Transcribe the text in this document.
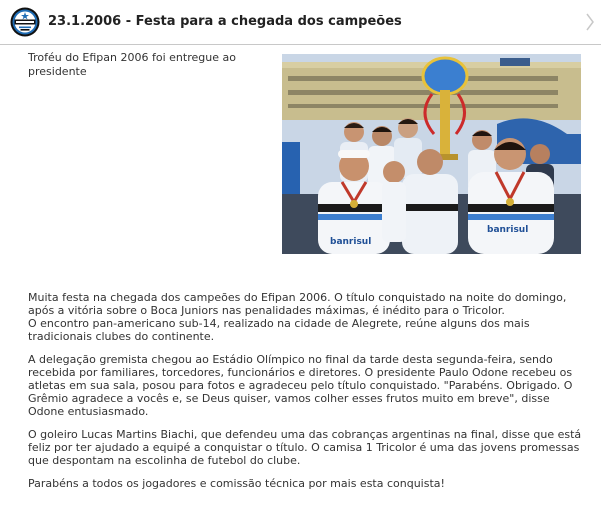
23.1.2006 - Festa para a chegada dos campeões
Troféu do Efipan 2006 foi entregue ao presidente
banrisul
banrisul

Muita festa na chegada dos campeões do Efipan 2006. O título conquistado na noite do domingo, após a vitória sobre o Boca Juniors nas penalidades máximas, é inédito para o Tricolor.
O encontro pan-americano sub-14, realizado na cidade de Alegrete, reúne alguns dos mais tradicionais clubes do continente.

A delegação gremista chegou ao Estádio Olímpico no final da tarde desta segunda-feira, sendo recebida por familiares, torcedores, funcionários e diretores. O presidente Paulo Odone recebeu os atletas em sua sala, posou para fotos e agradeceu pelo título conquistado. "Parabéns. Obrigado. O Grêmio agradece a vocês e, se Deus quiser, vamos colher esses frutos muito em breve", disse Odone entusiasmado.

O goleiro Lucas Martins Biachi, que defendeu uma das cobranças argentinas na final, disse que está feliz por ter ajudado a equipé a conquistar o título. O camisa 1 Tricolor é uma das jovens promessas que despontam na escolinha de futebol do clube.

Parabéns a todos os jogadores e comissão técnica por mais esta conquista!
